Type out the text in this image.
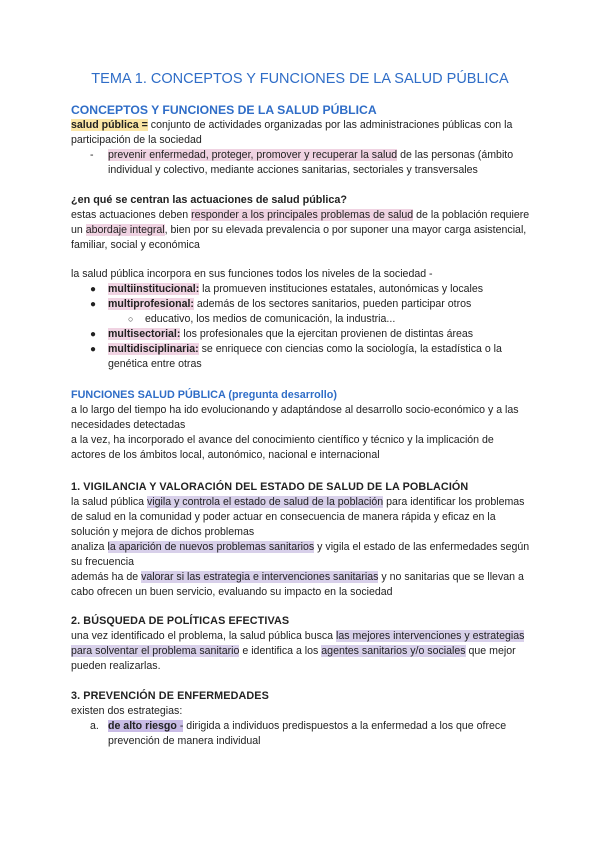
TEMA 1. CONCEPTOS Y FUNCIONES DE LA SALUD PÚBLICA
CONCEPTOS Y FUNCIONES DE LA SALUD PÚBLICA

salud pública = conjunto de actividades organizadas por las administraciones públicas con la participación de la sociedad

- prevenir enfermedad, proteger, promover y recuperar la salud de las personas (ámbito individual y colectivo, mediante acciones sanitarias, sectoriales y transversales
¿en qué se centran las actuaciones de salud pública?

estas actuaciones deben responder a los principales problemas de salud de la población requiere un abordaje integral, bien por su elevada prevalencia o por suponer una mayor carga asistencial, familiar, social y económica

la salud pública incorpora en sus funciones todos los niveles de la sociedad -

● multiinstitucional: la promueven instituciones estatales, autonómicas y locales
● multiprofesional: además de los sectores sanitarios, pueden participar otros
○ educativo, los medios de comunicación, la industria...
● multisectorial: los profesionales que la ejercitan provienen de distintas áreas
● multidisciplinaria: se enriquece con ciencias como la sociología, la estadística o la genética entre otras
FUNCIONES SALUD PÚBLICA (pregunta desarrollo)

a lo largo del tiempo ha ido evolucionando y adaptándose al desarrollo socio-económico y a las necesidades detectadas

a la vez, ha incorporado el avance del conocimiento científico y técnico y la implicación de actores de los ámbitos local, autonómico, nacional e internacional

1. VIGILANCIA Y VALORACIÓN DEL ESTADO DE SALUD DE LA POBLACIÓN

la salud pública vigila y controla el estado de salud de la población para identificar los problemas de salud en la comunidad y poder actuar en consecuencia de manera rápida y eficaz en la solución y mejora de dichos problemas

analiza la aparición de nuevos problemas sanitarios y vigila el estado de las enfermedades según su frecuencia

además ha de valorar si las estrategia e intervenciones sanitarias y no sanitarias que se llevan a cabo ofrecen un buen servicio, evaluando su impacto en la sociedad

2. BÚSQUEDA DE POLÍTICAS EFECTIVAS

una vez identificado el problema, la salud pública busca las mejores intervenciones y estrategias para solventar el problema sanitario e identifica a los agentes sanitarios y/o sociales que mejor pueden realizarlas.

3. PREVENCIÓN DE ENFERMEDADES

existen dos estrategias:

a. de alto riesgo - dirigida a individuos predispuestos a la enfermedad a los que ofrece prevención de manera individual
